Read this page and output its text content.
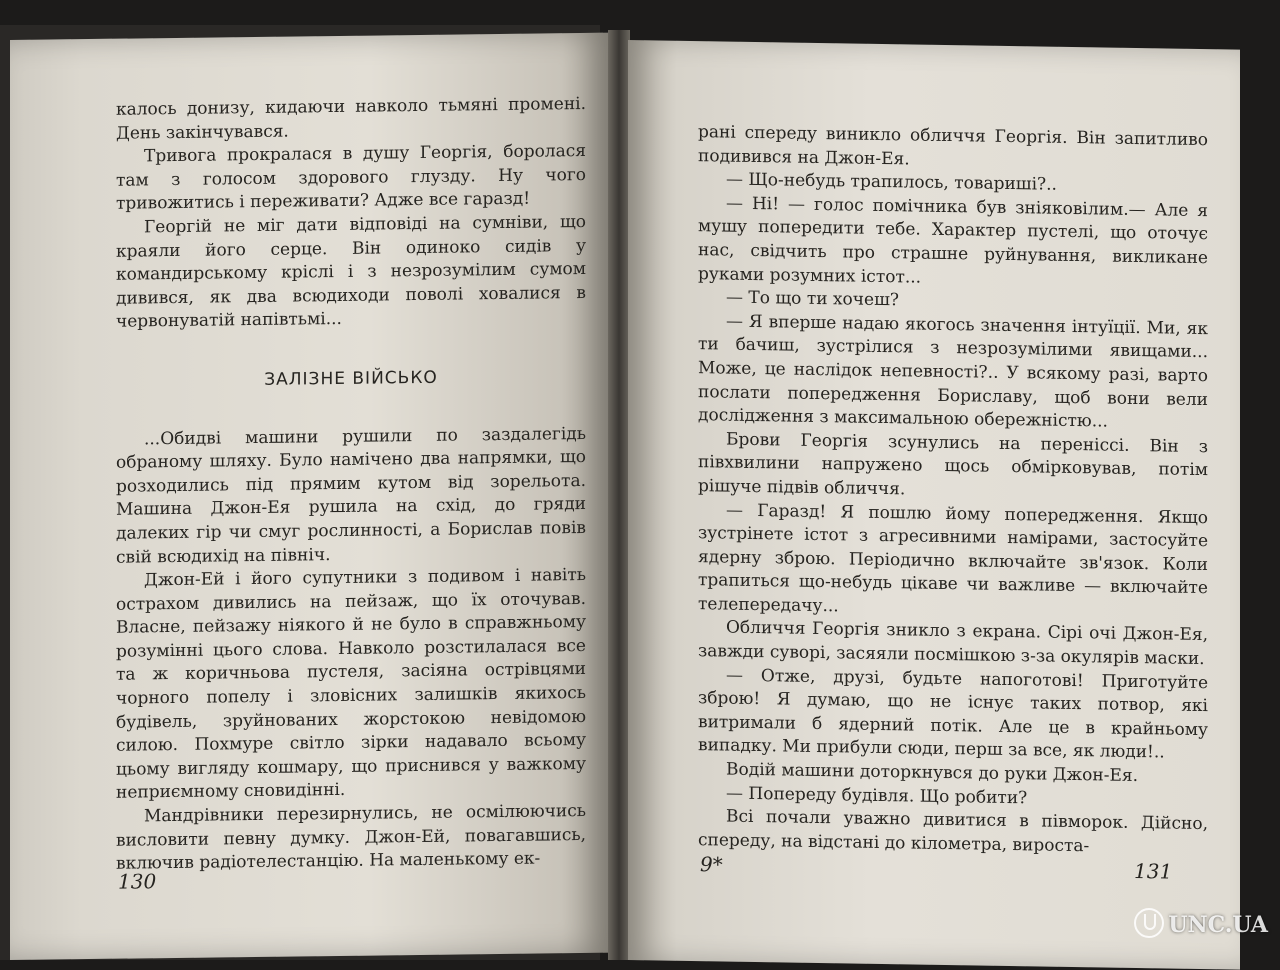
калось донизу, кидаючи навколо тьмяні промені. День закінчувався.

Тривога прокралася в душу Георгія, боролася там з голосом здорового глузду. Ну чого тривожитись і переживати? Адже все гаразд!

Георгій не міг дати відповіді на сумніви, що краяли його серце. Він одиноко сидів у командирському кріслі і з незрозумілим сумом дивився, як два всюдиходи поволі ховалися в червонуватій напівтьмі...

ЗАЛІЗНЕ ВІЙСЬКО

...Обидві машини рушили по заздалегідь обраному шляху. Було намічено два напрямки, що розходились під прямим кутом від зорельота. Машина Джон-Ея рушила на схід, до гряди далеких гір чи смуг рослинності, а Борислав повів свій всюдихід на північ.

Джон-Ей і його супутники з подивом і навіть острахом дивились на пейзаж, що їх оточував. Власне, пейзажу ніякого й не було в справжньому розумінні цього слова. Навколо розстилалася все та ж коричньова пустеля, засіяна острівцями чорного попелу і зловісних залишків якихось будівель, зруйнованих жорстокою невідомою силою. Похмуре світло зірки надавало всьому цьому вигляду кошмару, що приснився у важкому неприємному сновидінні.

Мандрівники перезирнулись, не осмілюючись висловити певну думку. Джон-Ей, повагавшись, включив радіотелестанцію. На маленькому ек-

130

рані спереду виникло обличчя Георгія. Він запитливо подивився на Джон-Ея.

— Що-небудь трапилось, товариші?..

— Ні! — голос помічника був зніяковілим.— Але я мушу попередити тебе. Характер пустелі, що оточує нас, свідчить про страшне руйнування, викликане руками розумних істот...

— То що ти хочеш?

— Я вперше надаю якогось значення інтуїції. Ми, як ти бачиш, зустрілися з незрозумілими явищами... Може, це наслідок непевності?.. У всякому разі, варто послати попередження Бориславу, щоб вони вели дослідження з максимальною обережністю...

Брови Георгія зсунулись на переніссі. Він з півхвилини напружено щось обмірковував, потім рішуче підвів обличчя.

— Гаразд! Я пошлю йому попередження. Якщо зустрінете істот з агресивними намірами, застосуйте ядерну зброю. Періодично включайте зв'язок. Коли трапиться що-небудь цікаве чи важливе — включайте телепередачу...

Обличчя Георгія зникло з екрана. Сірі очі Джон-Ея, завжди суворі, засяяли посмішкою з-за окулярів маски.

— Отже, друзі, будьте напоготові! Приготуйте зброю! Я думаю, що не існує таких потвор, які витримали б ядерний потік. Але це в крайньому випадку. Ми прибули сюди, перш за все, як люди!..

Водій машини доторкнувся до руки Джон-Ея.

— Попереду будівля. Що робити?

Всі почали уважно дивитися в півморок. Дійсно, спереду, на відстані до кілометра, вироста-

9*	131
UNC.UA
